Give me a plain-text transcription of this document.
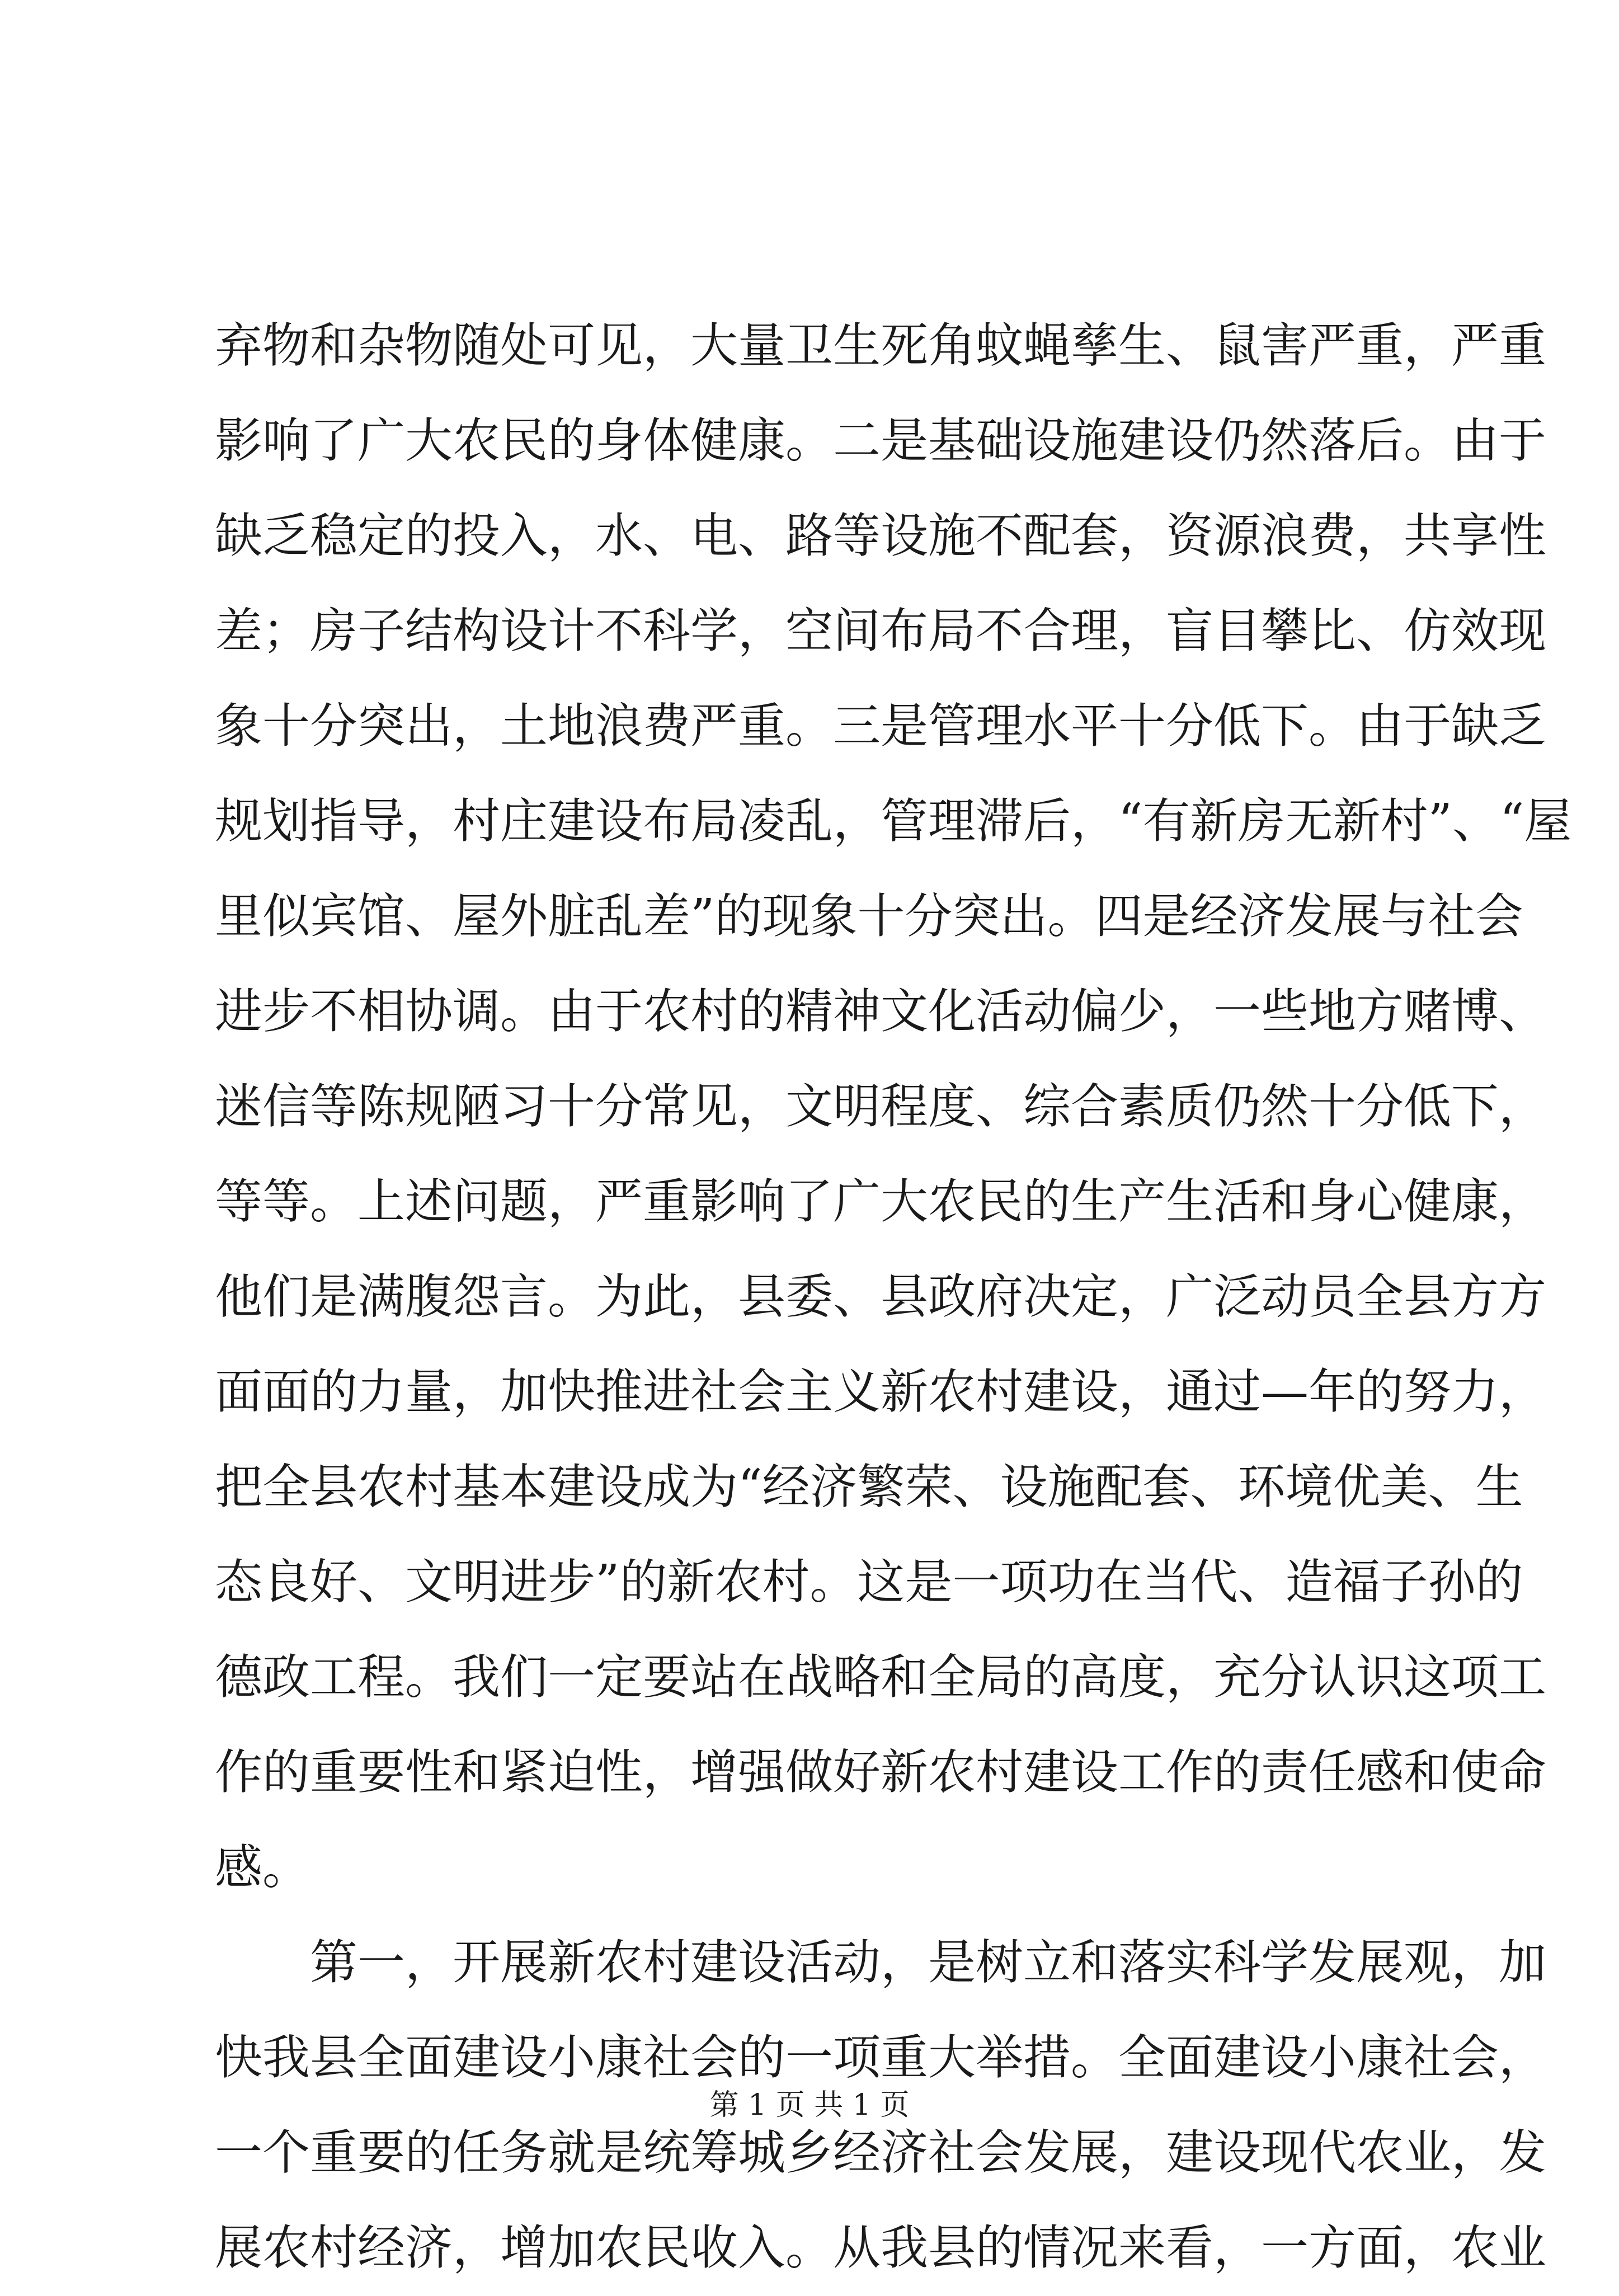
弃物和杂物随处可见，大量卫生死角蚊蝇孳生、鼠害严重，严重
影响了广大农民的身体健康。二是基础设施建设仍然落后。由于
缺乏稳定的投入，水、电、路等设施不配套，资源浪费，共享性
差；房子结构设计不科学，空间布局不合理，盲目攀比、仿效现
象十分突出，土地浪费严重。三是管理水平十分低下。由于缺乏
规划指导，村庄建设布局凌乱，管理滞后，“有新房无新村”、“屋
里似宾馆、屋外脏乱差”的现象十分突出。四是经济发展与社会
进步不相协调。由于农村的精神文化活动偏少，一些地方赌博、
迷信等陈规陋习十分常见，文明程度、综合素质仍然十分低下，
等等。上述问题，严重影响了广大农民的生产生活和身心健康，
他们是满腹怨言。为此，县委、县政府决定，广泛动员全县方方
面面的力量，加快推进社会主义新农村建设，通过—年的努力，
把全县农村基本建设成为“经济繁荣、设施配套、环境优美、生
态良好、文明进步”的新农村。这是一项功在当代、造福子孙的
德政工程。我们一定要站在战略和全局的高度，充分认识这项工
作的重要性和紧迫性，增强做好新农村建设工作的责任感和使命
感。
第一，开展新农村建设活动，是树立和落实科学发展观，加
快我县全面建设小康社会的一项重大举措。全面建设小康社会，
一个重要的任务就是统筹城乡经济社会发展，建设现代农业，发
展农村经济，增加农民收入。从我县的情况来看，一方面，农业
第 1 页 共 1 页
